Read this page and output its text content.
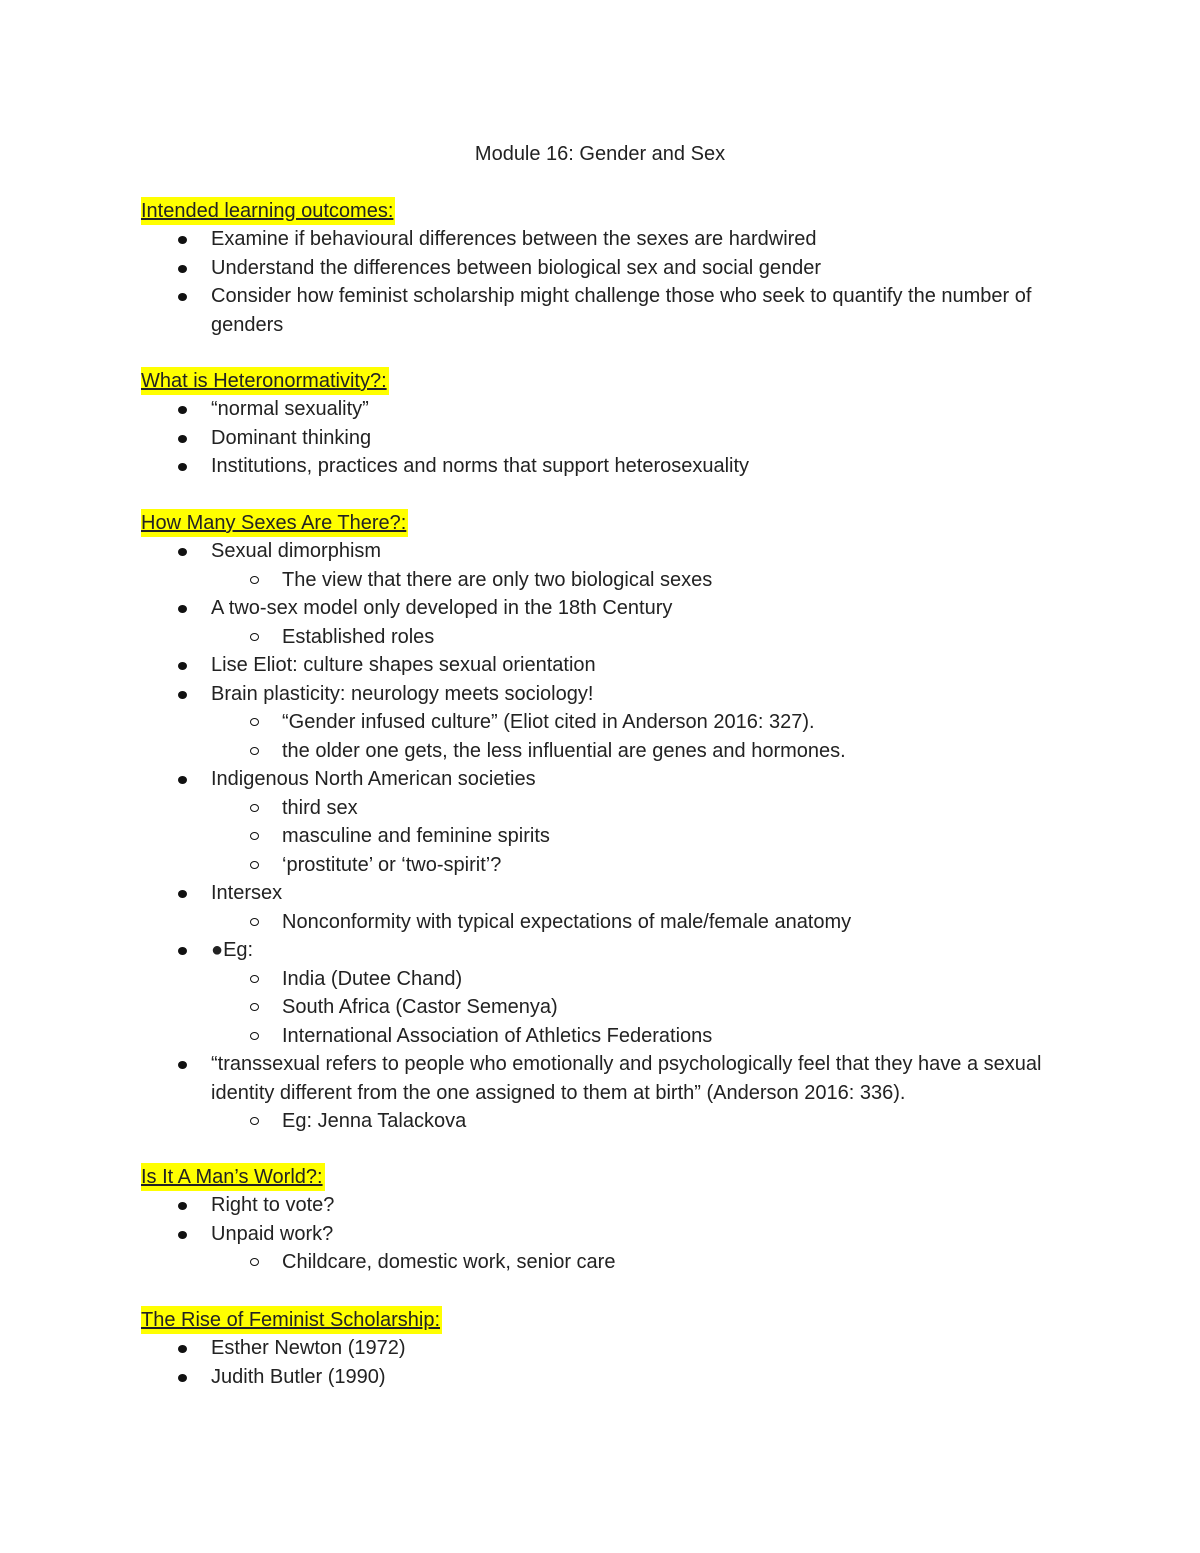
Module 16: Gender and Sex
Intended learning outcomes:
Examine if behavioural differences between the sexes are hardwired
Understand the differences between biological sex and social gender
Consider how feminist scholarship might challenge those who seek to quantify the number of genders
What is Heteronormativity?:
“normal sexuality”
Dominant thinking
Institutions, practices and norms that support heterosexuality
How Many Sexes Are There?:
Sexual dimorphism
The view that there are only two biological sexes
A two-sex model only developed in the 18th Century
Established roles
Lise Eliot: culture shapes sexual orientation
Brain plasticity: neurology meets sociology!
“Gender infused culture” (Eliot cited in Anderson 2016: 327).
the older one gets, the less influential are genes and hormones.
Indigenous North American societies
third sex
masculine and feminine spirits
‘prostitute’ or ‘two-spirit’?
Intersex
Nonconformity with typical expectations of male/female anatomy
●Eg:
India (Dutee Chand)
South Africa (Castor Semenya)
International Association of Athletics Federations
“transsexual refers to people who emotionally and psychologically feel that they have a sexual identity different from the one assigned to them at birth” (Anderson 2016: 336).
Eg: Jenna Talackova
Is It A Man’s World?:
Right to vote?
Unpaid work?
Childcare, domestic work, senior care
The Rise of Feminist Scholarship:
Esther Newton (1972)
Judith Butler (1990)
